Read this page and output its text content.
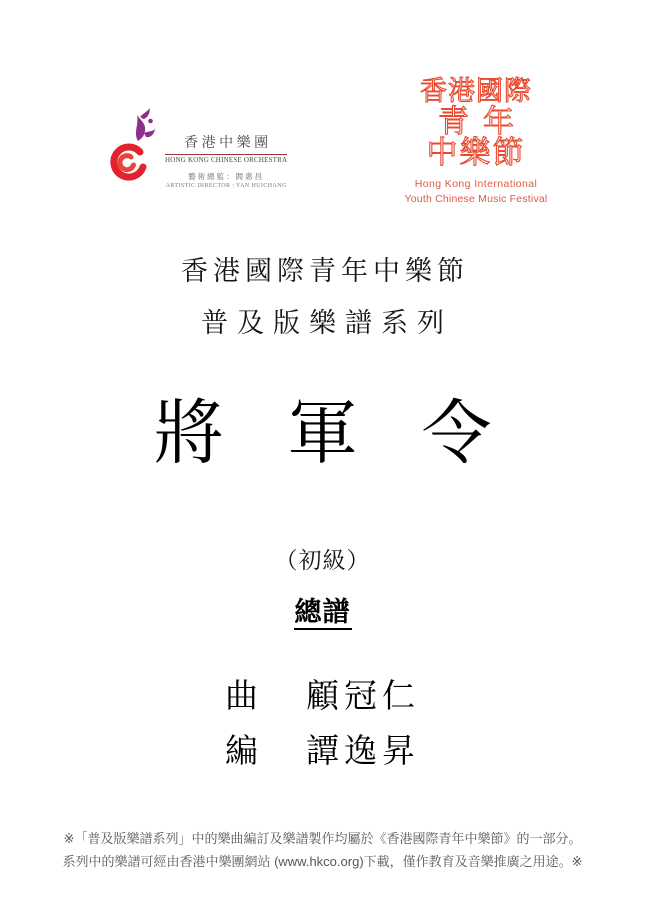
香港中樂團
HONG KONG CHINESE ORCHESTRA
藝術總監：閻惠昌
ARTISTIC DIRECTOR : YAN HUICHANG
香港國際
青年
中樂節
Hong Kong International
Youth Chinese Music Festival
香港國際青年中樂節
普及版樂譜系列
將 軍 令
（初級）
總譜
曲 顧冠仁
編 譚逸昇
※「普及版樂譜系列」中的樂曲編訂及樂譜製作均屬於《香港國際青年中樂節》的一部分。
系列中的樂譜可經由香港中樂團網站 (www.hkco.org)下載，僅作教育及音樂推廣之用途。※
